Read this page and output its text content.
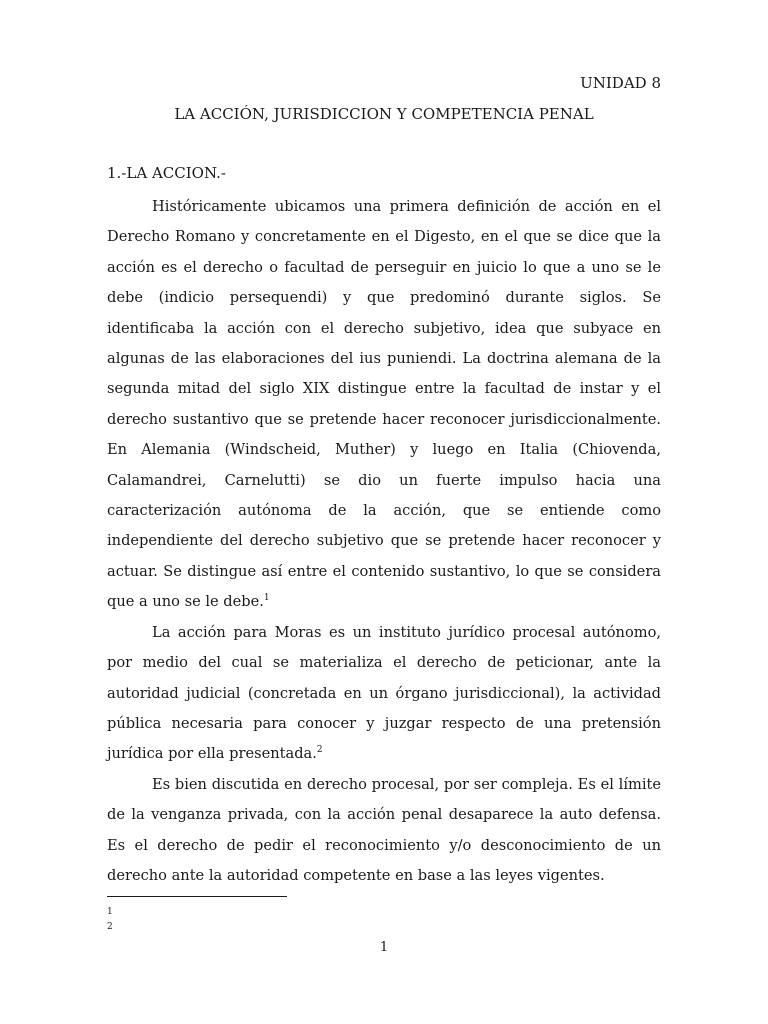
UNIDAD 8
LA ACCIÓN, JURISDICCION Y COMPETENCIA PENAL
1.-LA ACCION.-

Históricamente ubicamos una primera definición de acción en el Derecho Romano y concretamente en el Digesto, en el que se dice que la acción es el derecho o facultad de perseguir en juicio lo que a uno se le debe (indicio persequendi) y que predominó durante siglos. Se identificaba la acción con el derecho subjetivo, idea que subyace en algunas de las elaboraciones del ius puniendi. La doctrina alemana de la segunda mitad del siglo XIX distingue entre la facultad de instar y el derecho sustantivo que se pretende hacer reconocer jurisdiccionalmente. En Alemania (Windscheid, Muther) y luego en Italia (Chiovenda, Calamandrei, Carnelutti) se dio un fuerte impulso hacia una caracterización autónoma de la acción, que se entiende como independiente del derecho subjetivo que se pretende hacer reconocer y actuar. Se distingue así entre el contenido sustantivo, lo que se considera que a uno se le debe.$^1$

La acción para Moras es un instituto jurídico procesal autónomo, por medio del cual se materializa el derecho de peticionar, ante la autoridad judicial (concretada en un órgano jurisdiccional), la actividad pública necesaria para conocer y juzgar respecto de una pretensión jurídica por ella presentada.$^2$

Es bien discutida en derecho procesal, por ser compleja. Es el límite de la venganza privada, con la acción penal desaparece la auto defensa. Es el derecho de pedir el reconocimiento y/o desconocimiento de un derecho ante la autoridad competente en base a las leyes vigentes.

1
2
1
